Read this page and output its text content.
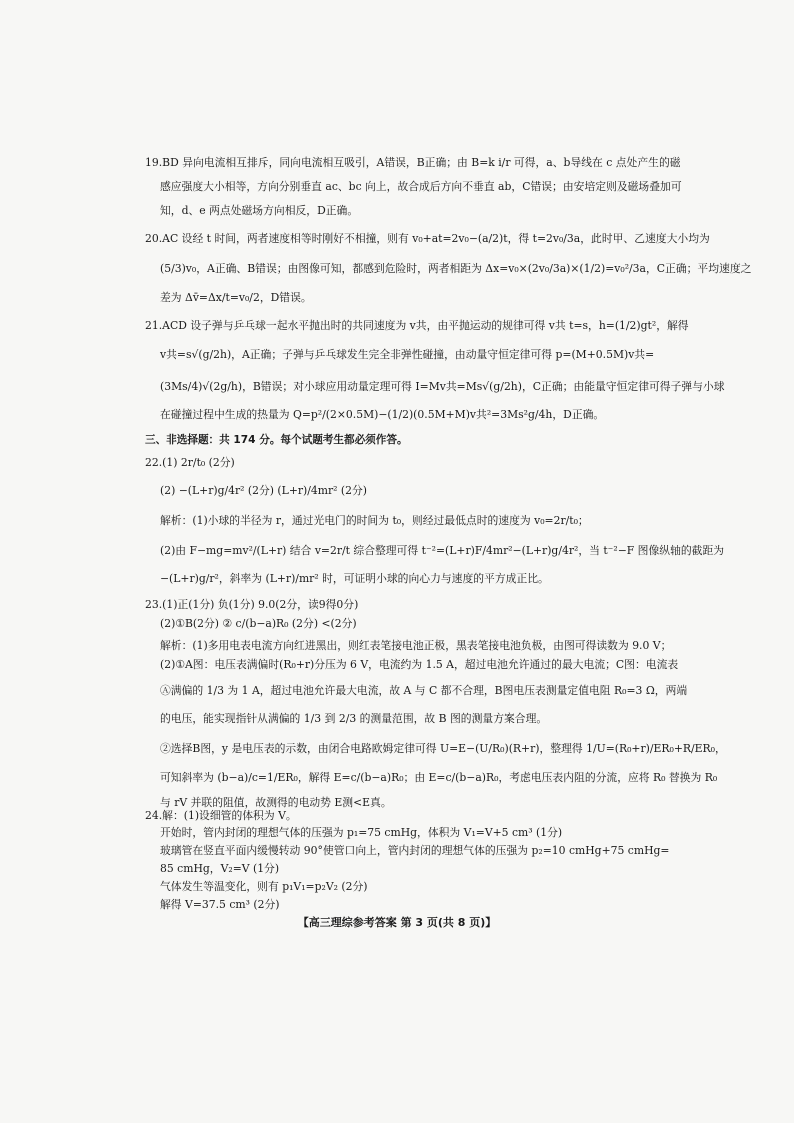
19.BD 异向电流相互排斥，同向电流相互吸引，A错误，B正确；由 B=k i/r 可得，a、b导线在 c 点处产生的磁
感应强度大小相等，方向分别垂直 ac、bc 向上，故合成后方向不垂直 ab，C错误；由安培定则及磁场叠加可
知，d、e 两点处磁场方向相反，D正确。
20.AC 设经 t 时间，两者速度相等时刚好不相撞，则有 v₀+at=2v₀−(a/2)t，得 t=2v₀/3a，此时甲、乙速度大小均为
(5/3)v₀，A正确、B错误；由图像可知，都感到危险时，两者相距为 Δx=v₀×(2v₀/3a)×(1/2)=v₀²/3a，C正确；平均速度之
差为 Δv̄=Δx/t=v₀/2，D错误。
21.ACD 设子弹与乒乓球一起水平抛出时的共同速度为 v共，由平抛运动的规律可得 v共 t=s，h=(1/2)gt²，解得
v共=s√(g/2h)，A正确；子弹与乒乓球发生完全非弹性碰撞，由动量守恒定律可得 p=(M+0.5M)v共=
(3Ms/4)√(2g/h)，B错误；对小球应用动量定理可得 I=Mv共=Ms√(g/2h)，C正确；由能量守恒定律可得子弹与小球
在碰撞过程中生成的热量为 Q=p²/(2×0.5M)−(1/2)(0.5M+M)v共²=3Ms²g/4h，D正确。
三、非选择题：共 174 分。每个试题考生都必须作答。
22.(1) 2r/t₀ (2分)
(2) −(L+r)g/4r² (2分) (L+r)/4mr² (2分)
解析：(1)小球的半径为 r，通过光电门的时间为 t₀，则经过最低点时的速度为 v₀=2r/t₀；
(2)由 F−mg=mv²/(L+r) 结合 v=2r/t 综合整理可得 t⁻²=(L+r)F/4mr²−(L+r)g/4r²，当 t⁻²−F 图像纵轴的截距为
−(L+r)g/r²，斜率为 (L+r)/mr² 时，可证明小球的向心力与速度的平方成正比。
23.(1)正(1分) 负(1分) 9.0(2分，读9得0分)
(2)①B(2分) ② c/(b−a)R₀ (2分) <(2分)
解析：(1)多用电表电流方向红进黑出，则红表笔接电池正极，黑表笔接电池负极，由图可得读数为 9.0 V；
(2)①A图：电压表满偏时(R₀+r)分压为 6 V，电流约为 1.5 A，超过电池允许通过的最大电流；C图：电流表
Ⓐ满偏的 1/3 为 1 A，超过电池允许最大电流，故 A 与 C 都不合理，B图电压表测量定值电阻 R₀=3 Ω，两端
的电压，能实现指针从满偏的 1/3 到 2/3 的测量范围，故 B 图的测量方案合理。
②选择B图，y 是电压表的示数，由闭合电路欧姆定律可得 U=E−(U/R₀)(R+r)，整理得 1/U=(R₀+r)/ER₀+R/ER₀，
可知斜率为 (b−a)/c=1/ER₀，解得 E=c/(b−a)R₀；由 E=c/(b−a)R₀，考虑电压表内阻的分流，应将 R₀ 替换为 R₀
与 rV 并联的阻值，故测得的电动势 E测<E真。
24.解：(1)设细管的体积为 V。
开始时，管内封闭的理想气体的压强为 p₁=75 cmHg，体积为 V₁=V+5 cm³ (1分)
玻璃管在竖直平面内缓慢转动 90°使管口向上，管内封闭的理想气体的压强为 p₂=10 cmHg+75 cmHg=
85 cmHg，V₂=V (1分)
气体发生等温变化，则有 p₁V₁=p₂V₂ (2分)
解得 V=37.5 cm³ (2分)
【高三理综参考答案 第 3 页(共 8 页)】
